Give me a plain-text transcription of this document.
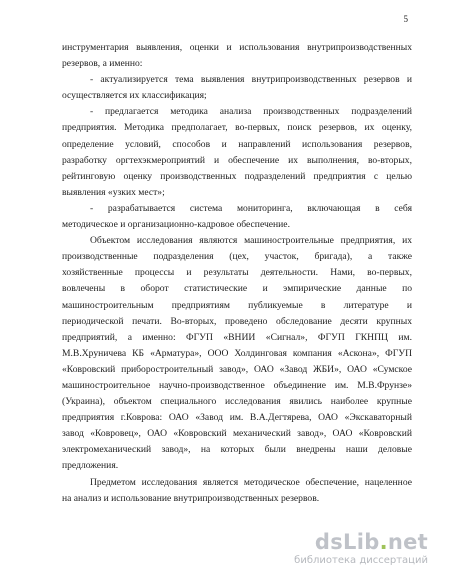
5
инструментария выявления, оценки и использования внутрипроизводственных
резервов, а именно:
- актуализируется тема выявления внутрипроизводственных резервов и
осуществляется их классификация;
- предлагается методика анализа производственных подразделений
предприятия. Методика предполагает, во-первых, поиск резервов, их оценку,
определение условий, способов и направлений использования резервов,
разработку оргтехэкмероприятий и обеспечение их выполнения, во-вторых,
рейтинговую оценку производственных подразделений предприятия с целью
выявления «узких мест»;
- разрабатывается система мониторинга, включающая в себя
методическое и организационно-кадровое обеспечение.
Объектом исследования являются машиностроительные предприятия, их
производственные подразделения (цех, участок, бригада), а также
хозяйственные процессы и результаты деятельности. Нами, во-первых,
вовлечены в оборот статистические и эмпирические данные по
машиностроительным предприятиям публикуемые в литературе и
периодической печати. Во-вторых, проведено обследование десяти крупных
предприятий, а именно: ФГУП «ВНИИ «Сигнал», ФГУП ГКНПЦ им.
М.В.Хруничева КБ «Арматура», ООО Холдинговая компания «Аскона», ФГУП
«Ковровский приборостроительный завод», ОАО «Завод ЖБИ», ОАО «Сумское
машиностроительное научно-производственное объединение им. М.В.Фрунзе»
(Украина), объектом специального исследования явились наиболее крупные
предприятия г.Коврова: ОАО «Завод им. В.А.Дегтярева, ОАО «Экскаваторный
завод «Ковровец», ОАО «Ковровский механический завод», ОАО «Ковровский
электромеханический завод», на которых были внедрены наши деловые
предложения.
Предметом исследования является методическое обеспечение, нацеленное
на анализ и использование внутрипроизводственных резервов.
dsLib.net
библиотека диссертаций
